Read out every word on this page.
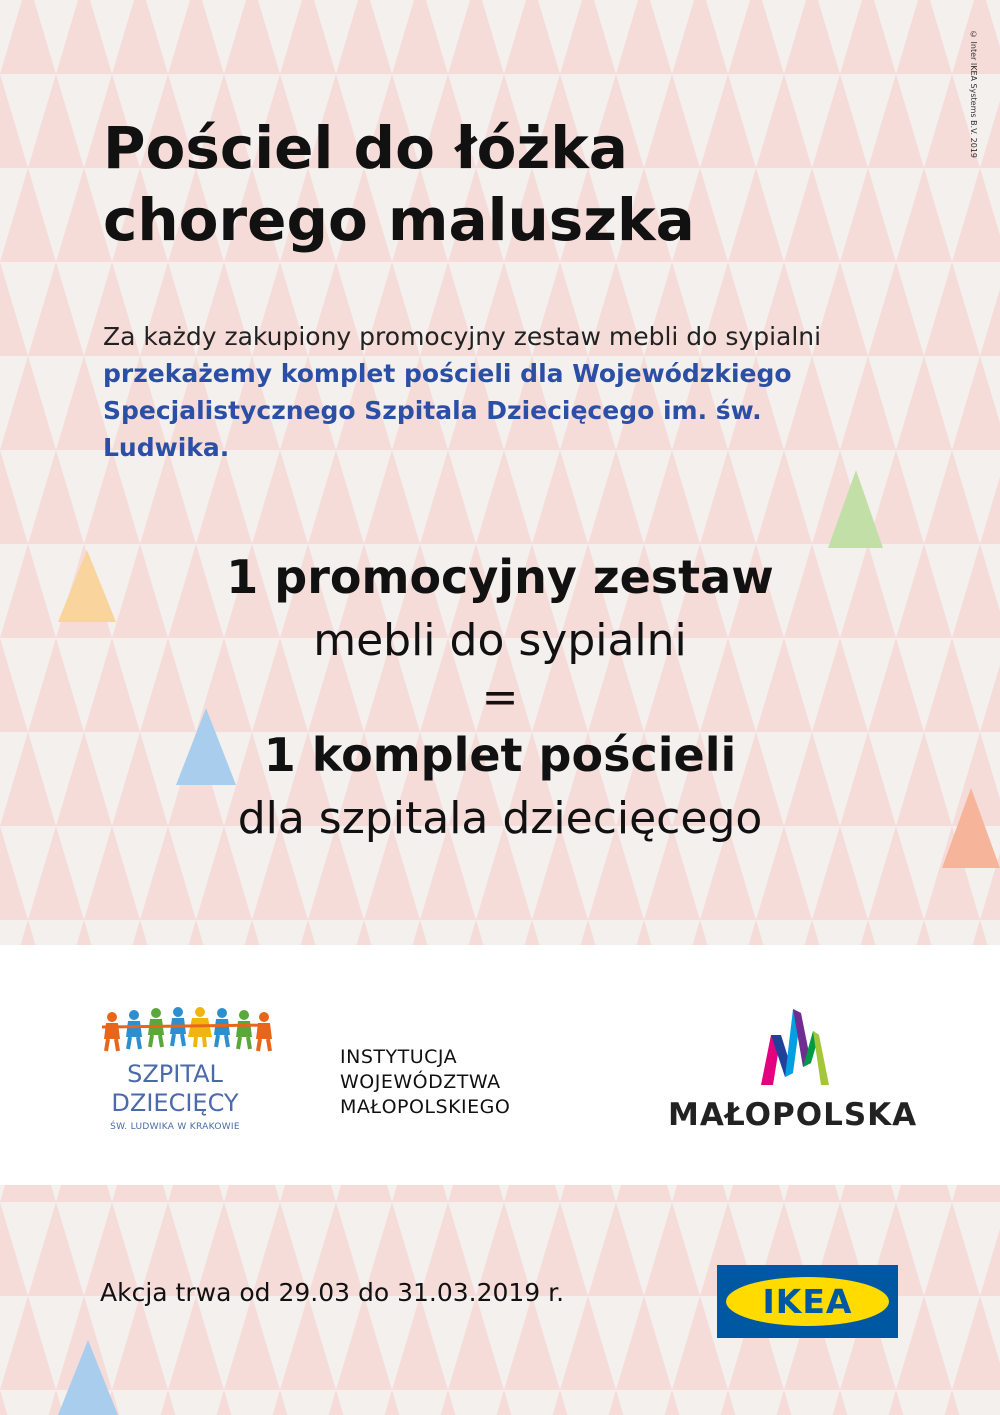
© Inter IKEA Systems B.V. 2019
Pościel do łóżka
chorego maluszka

Za każdy zakupiony promocyjny zestaw mebli do sypialni przekażemy komplet pościeli dla Wojewódzkiego Specjalistycznego Szpitala Dziecięcego im. św. Ludwika.

1 promocyjny zestaw
mebli do sypialni
=
1 komplet pościeli
dla szpitala dziecięcego
SZPITAL
DZIECIĘCY
ŚW. LUDWIKA W KRAKOWIE
INSTYTUCJA
WOJEWÓDZTWA
MAŁOPOLSKIEGO	MAŁOPOLSKA

Akcja trwa od 29.03 do 31.03.2019 r.	IKEA	®
